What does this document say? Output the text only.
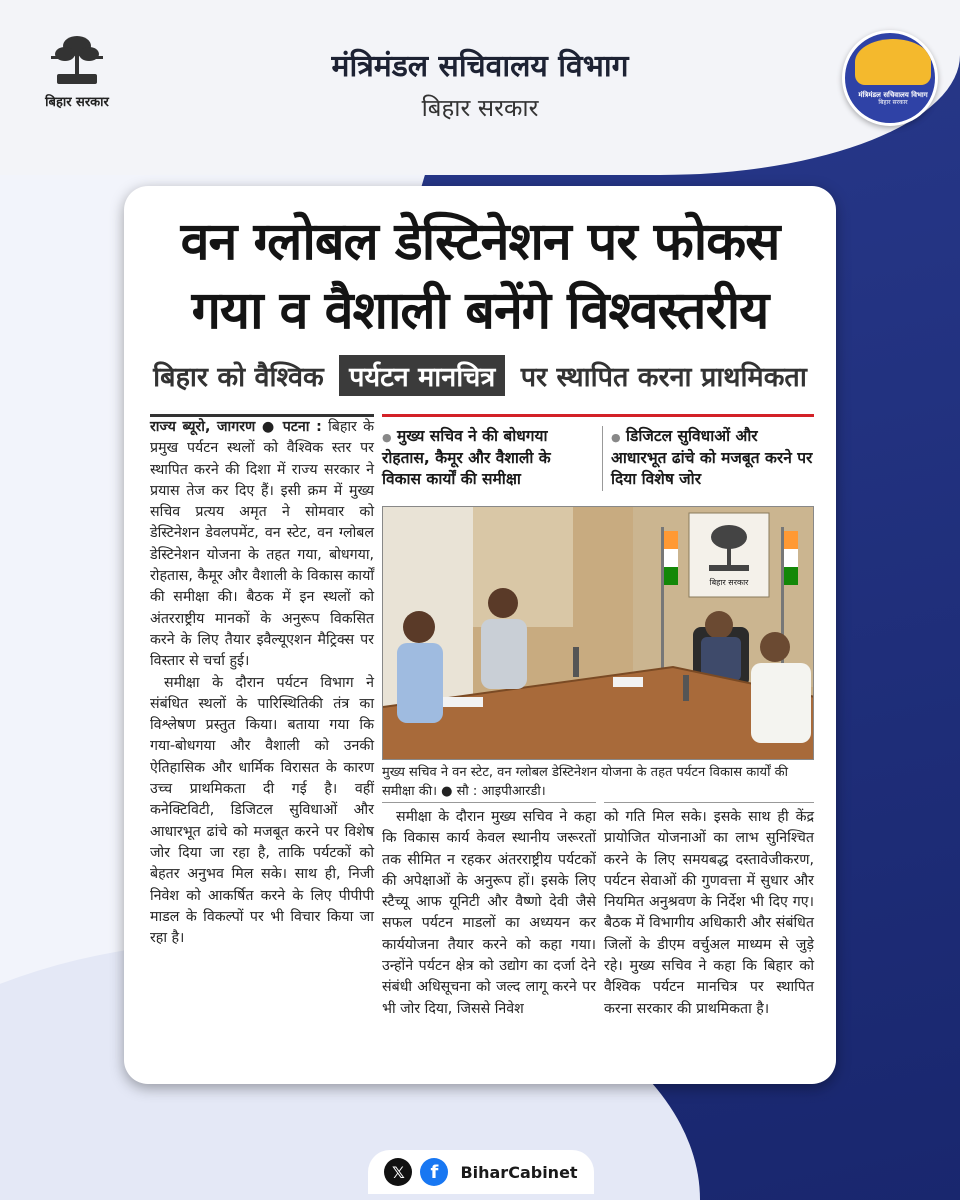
बिहार सरकार
मंत्रिमंडल सचिवालय विभाग
बिहार सरकार	मंत्रिमंडल सचिवालय विभाग
बिहार सरकार
वन ग्लोबल डेस्टिनेशन पर फोकस
गया व वैशाली बनेंगे विश्वस्तरीय
बिहार को वैश्विक पर्यटन मानचित्र पर स्थापित करना प्राथमिकता

राज्य ब्यूरो, जागरण ● पटना : बिहार के प्रमुख पर्यटन स्थलों को वैश्विक स्तर पर स्थापित करने की दिशा में राज्य सरकार ने प्रयास तेज कर दिए हैं। इसी क्रम में मुख्य सचिव प्रत्यय अमृत ने सोमवार को डेस्टिनेशन डेवलपमेंट, वन स्टेट, वन ग्लोबल डेस्टिनेशन योजना के तहत गया, बोधगया, रोहतास, कैमूर और वैशाली के विकास कार्यों की समीक्षा की। बैठक में इन स्थलों को अंतरराष्ट्रीय मानकों के अनुरूप विकसित करने के लिए तैयार इवैल्यूएशन मैट्रिक्स पर विस्तार से चर्चा हुई।

समीक्षा के दौरान पर्यटन विभाग ने संबंधित स्थलों के पारिस्थितिकी तंत्र का विश्लेषण प्रस्तुत किया। बताया गया कि गया-बोधगया और वैशाली को उनकी ऐतिहासिक और धार्मिक विरासत के कारण उच्च प्राथमिकता दी गई है। वहीं कनेक्टिविटी, डिजिटल सुविधाओं और आधारभूत ढांचे को मजबूत करने पर विशेष जोर दिया जा रहा है, ताकि पर्यटकों को बेहतर अनुभव मिल सके। साथ ही, निजी निवेश को आकर्षित करने के लिए पीपीपी माडल के विकल्पों पर भी विचार किया जा रहा है।

● मुख्य सचिव ने की बोधगया रोहतास, कैमूर और वैशाली के विकास कार्यों की समीक्षा
● डिजिटल सुविधाओं और आधारभूत ढांचे को मजबूत करने पर दिया विशेष जोर
बिहार सरकार
मुख्य सचिव ने वन स्टेट, वन ग्लोबल डेस्टिनेशन योजना के तहत पर्यटन विकास कार्यों की समीक्षा की। ● सौ : आइपीआरडी।

समीक्षा के दौरान मुख्य सचिव ने कहा कि विकास कार्य केवल स्थानीय जरूरतों तक सीमित न रहकर अंतरराष्ट्रीय पर्यटकों की अपेक्षाओं के अनुरूप हों। इसके लिए स्टैच्यू आफ यूनिटी और वैष्णो देवी जैसे सफल पर्यटन माडलों का अध्ययन कर कार्ययोजना तैयार करने को कहा गया। उन्होंने पर्यटन क्षेत्र को उद्योग का दर्जा देने संबंधी अधिसूचना को जल्द लागू करने पर भी जोर दिया, जिससे निवेश

को गति मिल सके। इसके साथ ही केंद्र प्रायोजित योजनाओं का लाभ सुनिश्चित करने के लिए समयबद्ध दस्तावेजीकरण, पर्यटन सेवाओं की गुणवत्ता में सुधार और नियमित अनुश्रवण के निर्देश भी दिए गए। बैठक में विभागीय अधिकारी और संबंधित जिलों के डीएम वर्चुअल माध्यम से जुड़े रहे। मुख्य सचिव ने कहा कि बिहार को वैश्विक पर्यटन मानचित्र पर स्थापित करना सरकार की प्राथमिकता है।

𝕏	f	BiharCabinet
